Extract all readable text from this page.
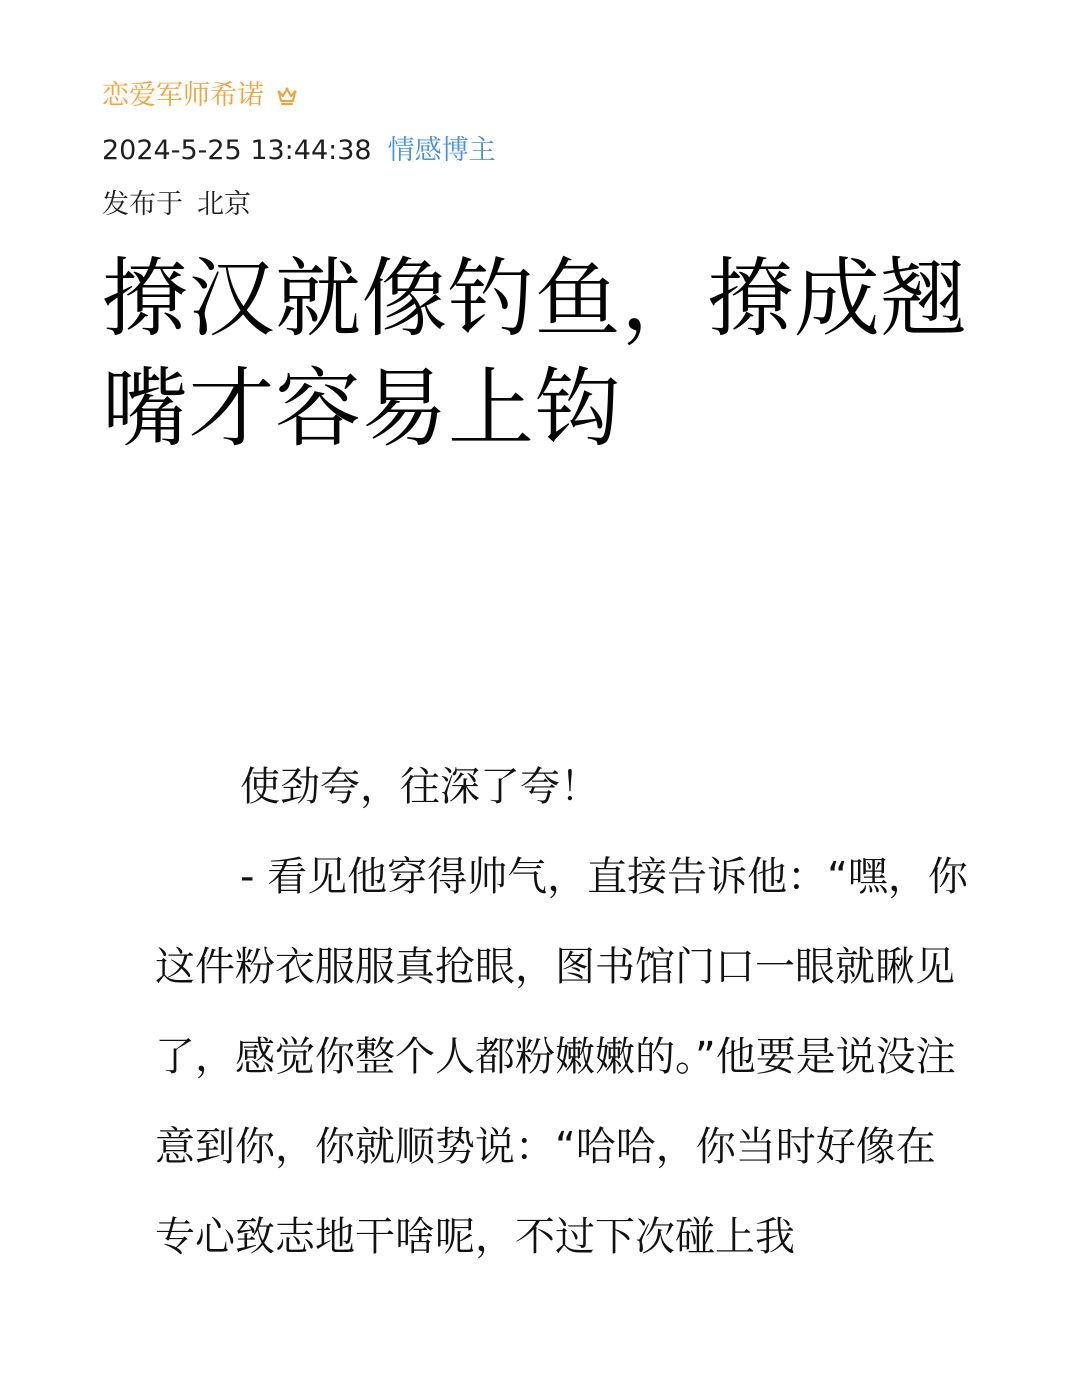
恋爱军师希诺
2024-5-25 13:44:38 情感博主
发布于 北京
撩汉就像钓鱼，撩成翘嘴才容易上钩

使劲夸，往深了夸！

- 看见他穿得帅气，直接告诉他：“嘿，你这件粉衣服服真抢眼，图书馆门口一眼就瞅见了，感觉你整个人都粉嫩嫩的。”他要是说没注意到你，你就顺势说：“哈哈，你当时好像在专心致志地干啥呢，不过下次碰上我
